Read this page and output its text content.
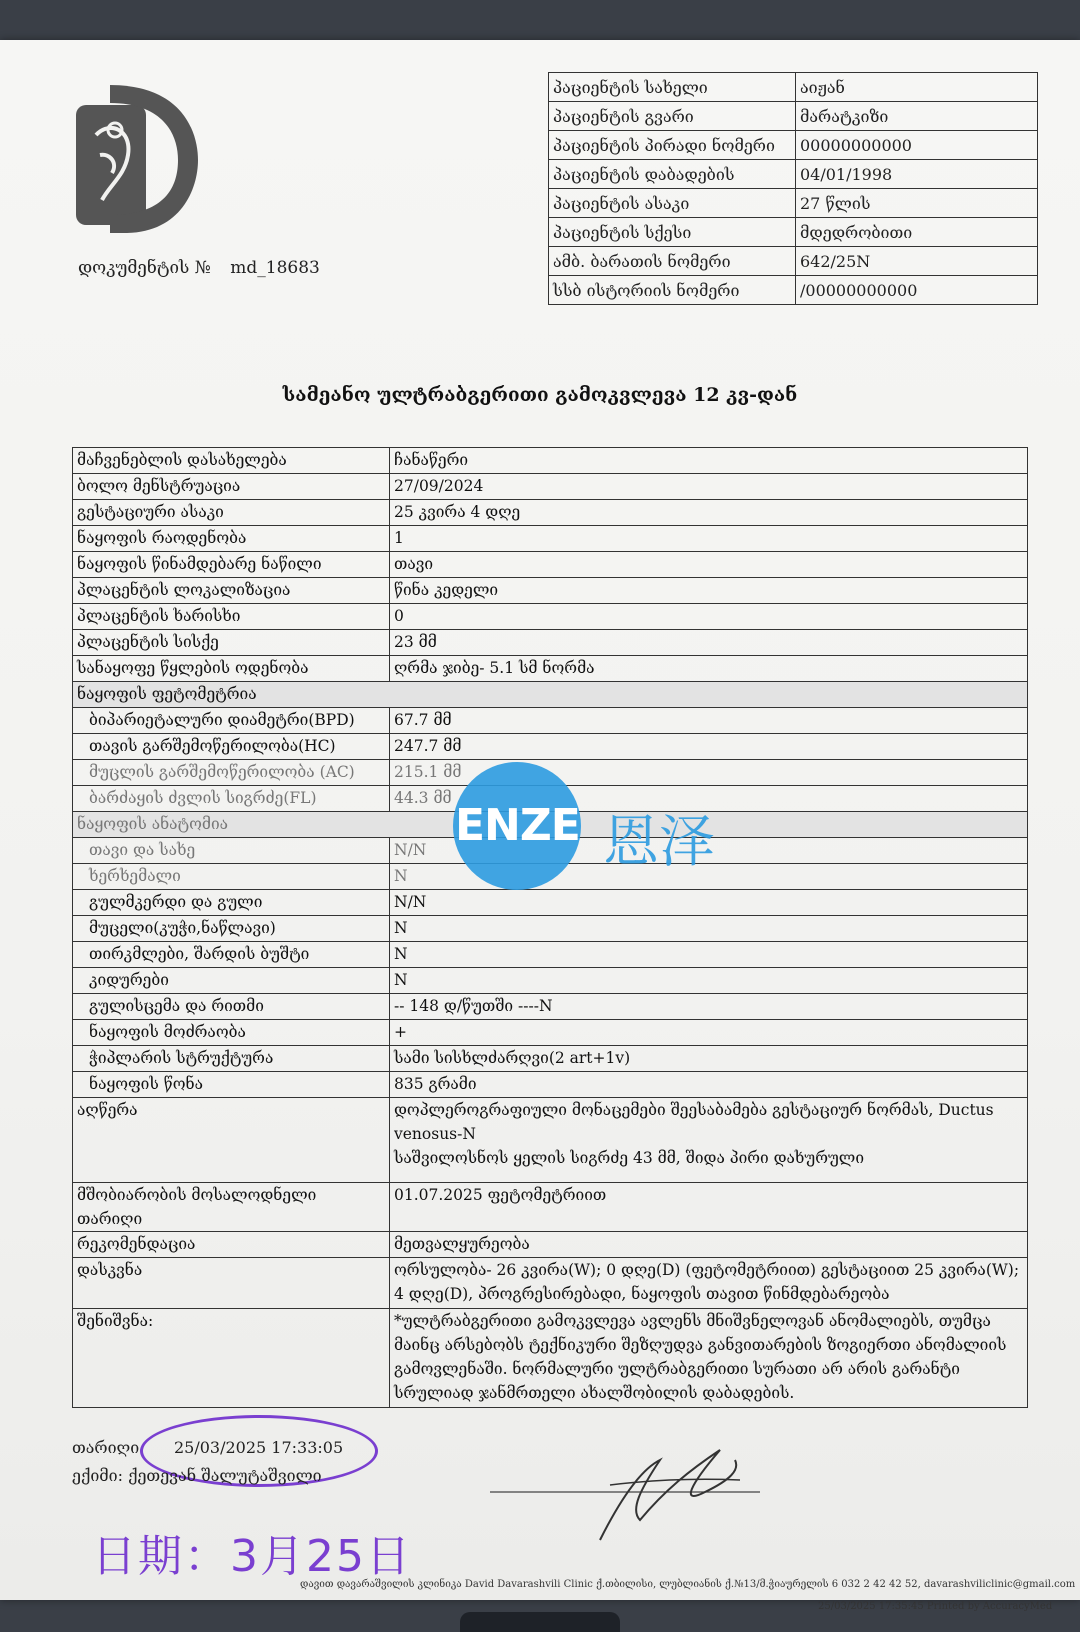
დოკუმენტის № md_18683
პაციენტის სახელი	აიჟან
პაციენტის გვარი	მარატკიზი
პაციენტის პირადი ნომერი	00000000000
პაციენტის დაბადების	04/01/1998
პაციენტის ასაკი	27 წლის
პაციენტის სქესი	მდედრობითი
ამბ. ბარათის ნომერი	642/25N
სსბ ისტორიის ნომერი	/00000000000
სამეანო ულტრაბგერითი გამოკვლევა 12 კვ-დან
მაჩვენებლის დასახელება	ჩანაწერი
ბოლო მენსტრუაცია	27/09/2024
გესტაციური ასაკი	25 კვირა 4 დღე
ნაყოფის რაოდენობა	1
ნაყოფის წინამდებარე ნაწილი	თავი
პლაცენტის ლოკალიზაცია	წინა კედელი
პლაცენტის ხარისხი	0
პლაცენტის სისქე	23 მმ
სანაყოფე წყლების ოდენობა	ღრმა ჯიბე- 5.1 სმ ნორმა
ნაყოფის ფეტომეტრია	
ბიპარიეტალური დიამეტრი(BPD)	67.7 მმ
თავის გარშემოწერილობა(HC)	247.7 მმ
მუცლის გარშემოწერილობა (AC)	215.1 მმ
ბარძაყის ძვლის სიგრძე(FL)	44.3 მმ
ნაყოფის ანატომია	
თავი და სახე	N/N
ხერხემალი	N
გულმკერდი და გული	N/N
მუცელი(კუჭი,ნაწლავი)	N
თირკმლები, შარდის ბუშტი	N
კიდურები	N
გულისცემა და რითმი	-- 148 დ/წუთში ----N
ნაყოფის მოძრაობა	+
ჭიპლარის სტრუქტურა	სამი სისხლძარღვი(2 art+1v)
ნაყოფის წონა	835 გრამი
აღწერა	დოპლეროგრაფიული მონაცემები შეესაბამება გესტაციურ ნორმას, Ductus venosus-N
საშვილოსნოს ყელის სიგრძე 43 მმ, შიდა პირი დახურული

მშობიარობის მოსალოდნელი თარიღი	01.07.2025 ფეტომეტრიით
რეკომენდაცია	მეთვალყურეობა
დასკვნა	ორსულობა- 26 კვირა(W); 0 დღე(D) (ფეტომეტრიით) გესტაციით 25 კვირა(W); 4 დღე(D), პროგრესირებადი, ნაყოფის თავით წინმდებარეობა
შენიშვნა:	*ულტრაბგერითი გამოკვლევა ავლენს მნიშვნელოვან ანომალიებს, თუმცა მაინც არსებობს ტექნიკური შეზღუდვა განვითარების ზოგიერთი ანომალიის გამოვლენაში. ნორმალური ულტრაბგერითი სურათი არ არის გარანტი სრულიად ჯანმრთელი ახალშობილის დაბადების.
ENZE 恩泽
თარიღი 25/03/2025 17:33:05
ექიმი: ქეთევან შალუტაშვილი
日期：3月25日
დავით დავარაშვილის კლინიკა David Davarashvili Clinic ქ.თბილისი, ლუბლიანის ქ.№13/მ.ჭიაურელის 6 032 2 42 42 52, davarashviliclinic@gmail.com
25/03/2025 17:35:45 Printed by AccuracyMed
